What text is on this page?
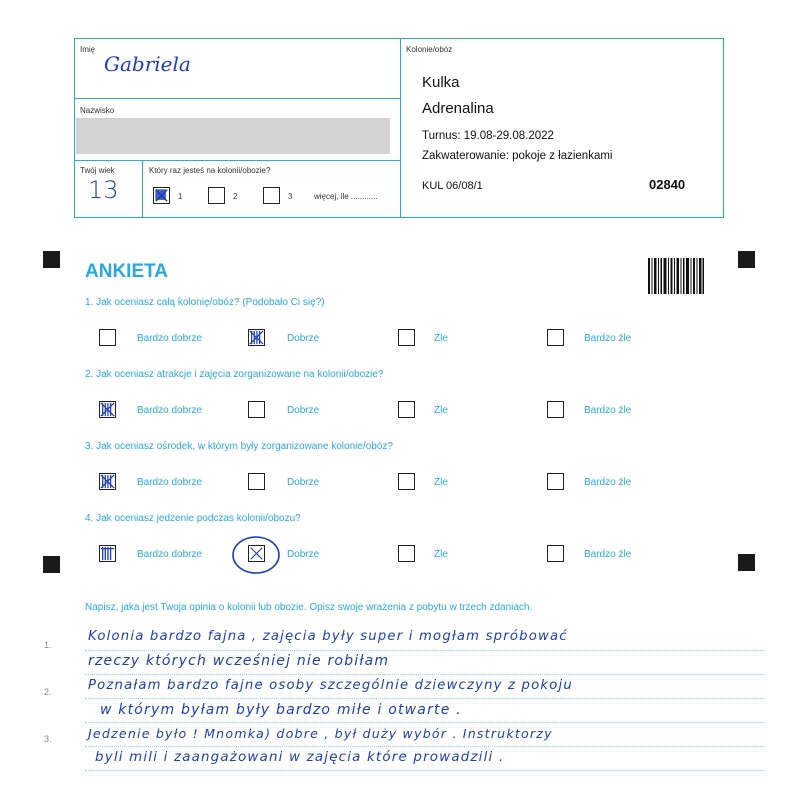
Imię
Gabriela
Nazwisko
Twój wiek
13
Który raz jesteś na kolonii/obozie?
1	2	3	więcej, ile ............
Kolonie/obóz
Kulka
Adrenalina
Turnus: 19.08-29.08.2022
Zakwaterowanie: pokoje z łazienkami
KUL 06/08/1	02840
ANKIETA
1. Jak oceniasz całą kolonię/obóz? (Podobało Ci się?)
Bardzo dobrze	Dobrze	Źle	Bardzo źle
2. Jak oceniasz atrakcje i zajęcia zorganizowane na kolonii/obozie?
Bardzo dobrze	Dobrze	Źle	Bardzo źle
3. Jak oceniasz ośrodek, w którym były zorganizowane kolonie/obóz?
Bardzo dobrze	Dobrze	Źle	Bardzo źle
4. Jak oceniasz jedzenie podczas kolonii/obozu?
Bardzo dobrze	Dobrze	Źle	Bardzo źle
Napisz, jaka jest Twoja opinia o kolonii lub obozie. Opisz swoje wrażenia z pobytu w trzech zdaniach.
1.
2.
3.
Kolonia bardzo fajna , zajęcia były super i mogłam spróbować
rzeczy których wcześniej nie robiłam
Poznałam bardzo fajne osoby szczególnie dziewczyny z pokoju
w którym byłam były bardzo miłe i otwarte .
Jedzenie było ! Mnomka) dobre , był duży wybór . Instruktorzy
byli mili i zaangażowani w zajęcia które prowadzili .
